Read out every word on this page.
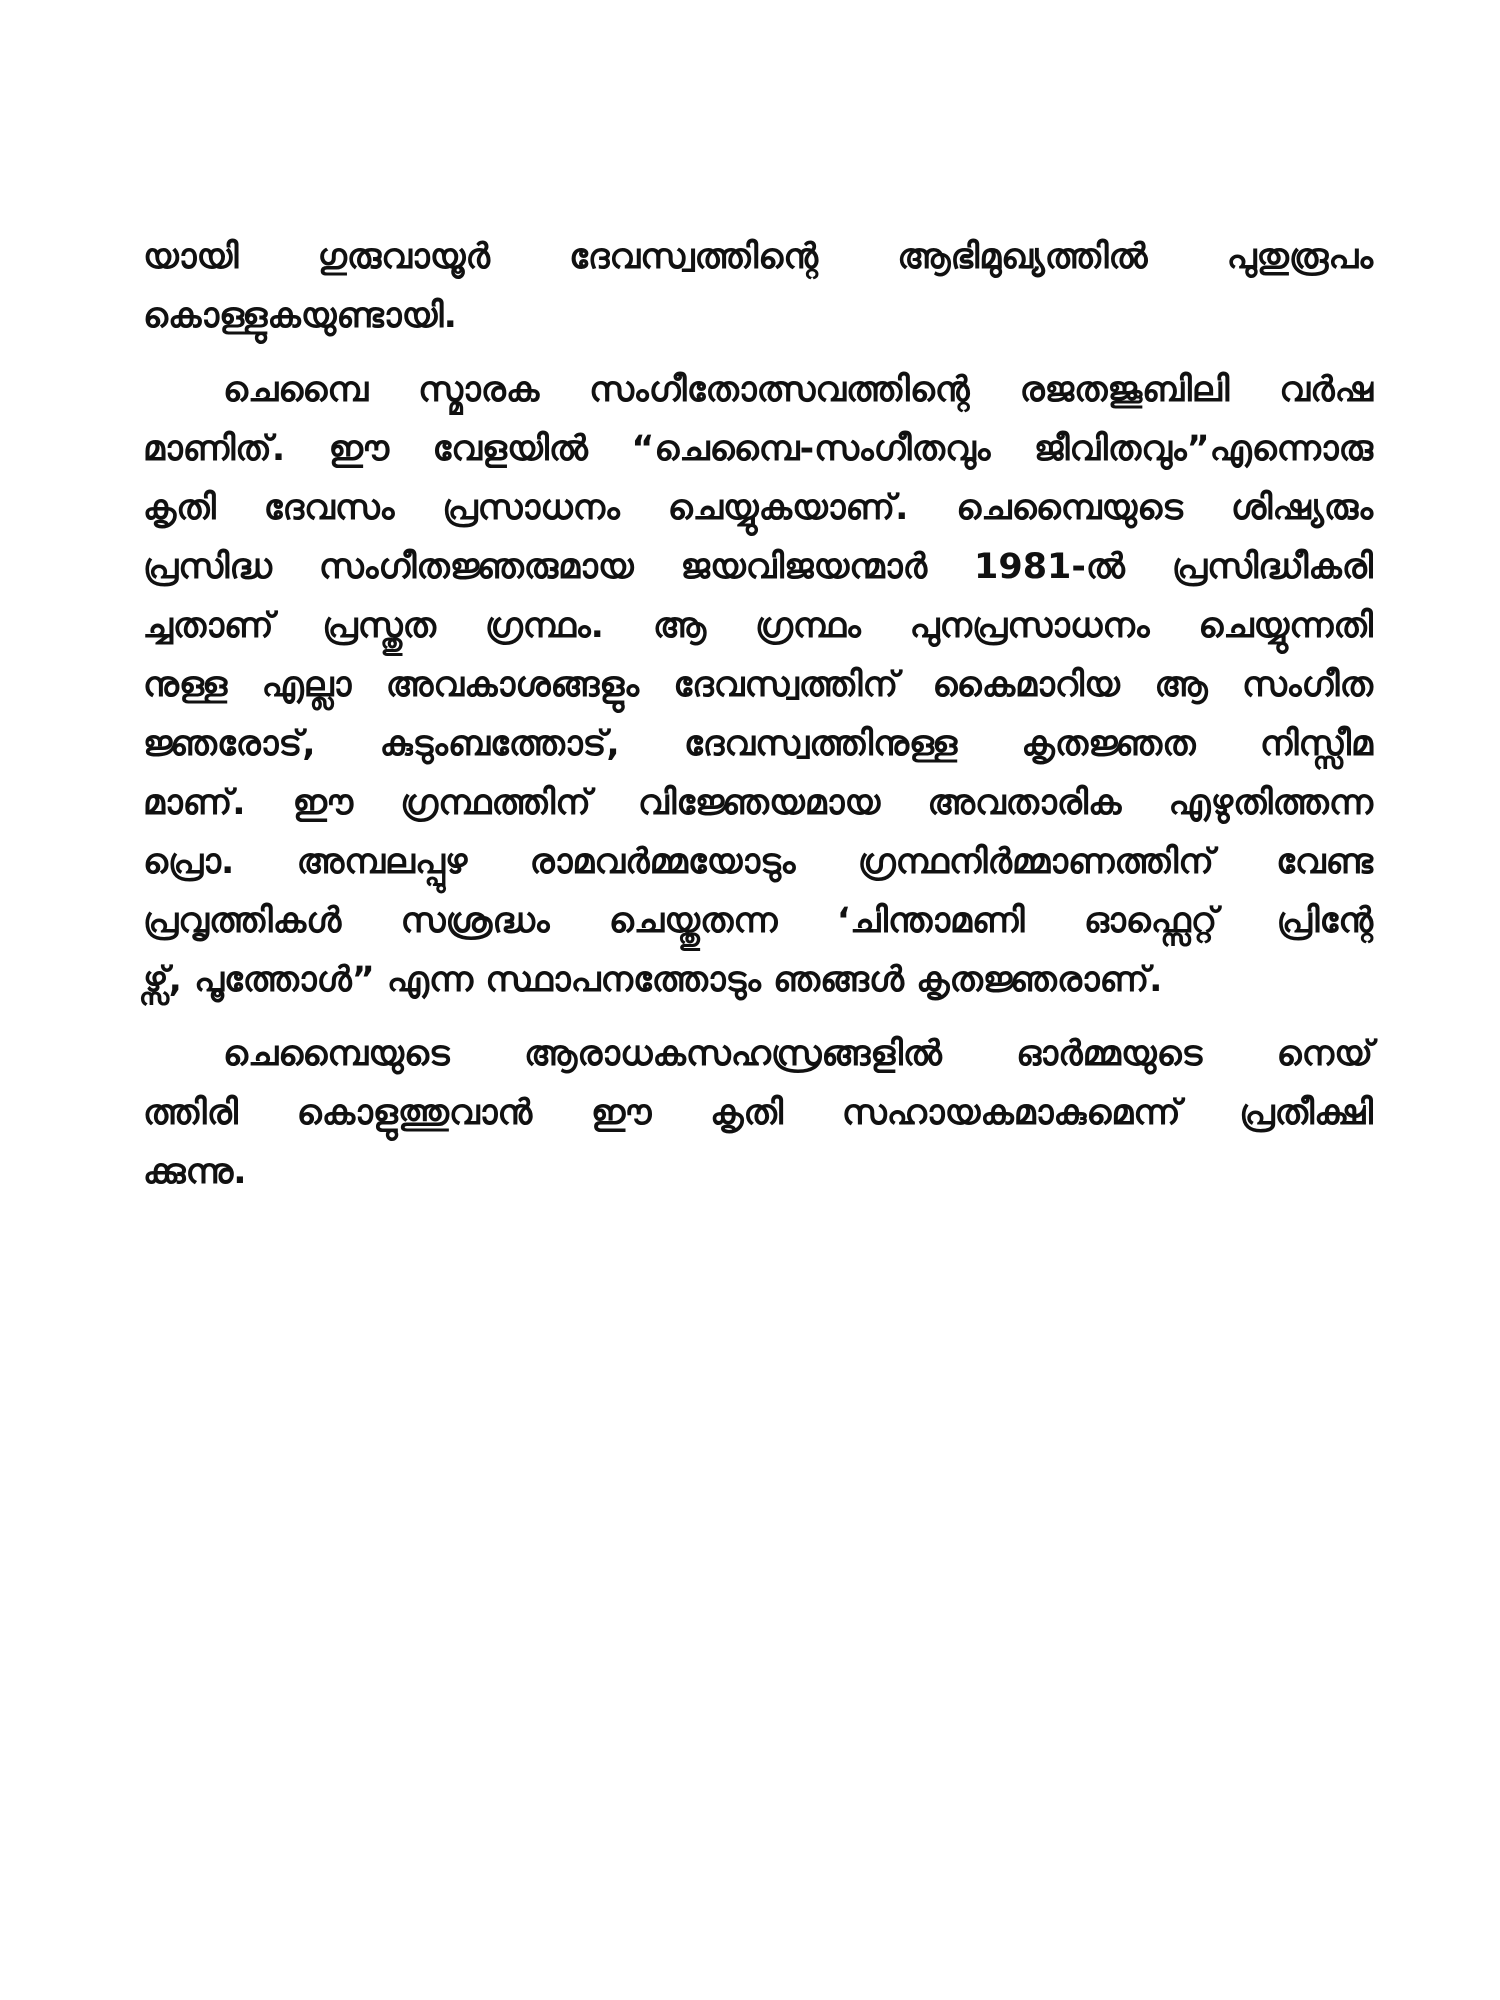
യായി ഗുരുവായൂർ ദേവസ്വത്തിന്റെ ആഭിമുഖ്യത്തിൽ പുതുരൂപം
കൊള്ളുകയുണ്ടായി.
ചെമ്പൈ സ്മാരക സംഗീതോത്സവത്തിന്റെ രജതജൂബിലി വർഷ
മാണിത്. ഈ വേളയിൽ “ചെമ്പൈ-സംഗീതവും ജീവിതവും”എന്നൊരു
കൃതി ദേവസം പ്രസാധനം ചെയ്യുകയാണ്. ചെമ്പൈയുടെ ശിഷ്യരും
പ്രസിദ്ധ സംഗീതജ്ഞരുമായ ജയവിജയന്മാർ 1981-ൽ പ്രസിദ്ധീകരി
ച്ചതാണ് പ്രസ്തുത ഗ്രന്ഥം. ആ ഗ്രന്ഥം പുനപ്രസാധനം ചെയ്യുന്നതി
നുള്ള എല്ലാ അവകാശങ്ങളും ദേവസ്വത്തിന് കൈമാറിയ ആ സംഗീത
ജ്ഞരോട്, കുടുംബത്തോട്, ദേവസ്വത്തിനുള്ള കൃതജ്ഞത നിസ്സീമ
മാണ്. ഈ ഗ്രന്ഥത്തിന് വിജ്ഞേയമായ അവതാരിക എഴുതിത്തന്ന
പ്രൊ. അമ്പലപ്പുഴ രാമവർമ്മയോടും ഗ്രന്ഥനിർമ്മാണത്തിന് വേണ്ട
പ്രവൃത്തികൾ സശ്രദ്ധം ചെയ്തുതന്ന ‘ചിന്താമണി ഓഫ്സെറ്റ് പ്രിന്റേ
ഴ്സ്, പൂത്തോൾ” എന്ന സ്ഥാപനത്തോടും ഞങ്ങൾ കൃതജ്ഞരാണ്.
ചെമ്പൈയുടെ ആരാധകസഹസ്രങ്ങളിൽ ഓർമ്മയുടെ നെയ്
ത്തിരി കൊളുത്തുവാൻ ഈ കൃതി സഹായകമാകുമെന്ന് പ്രതീക്ഷി
ക്കുന്നു.
